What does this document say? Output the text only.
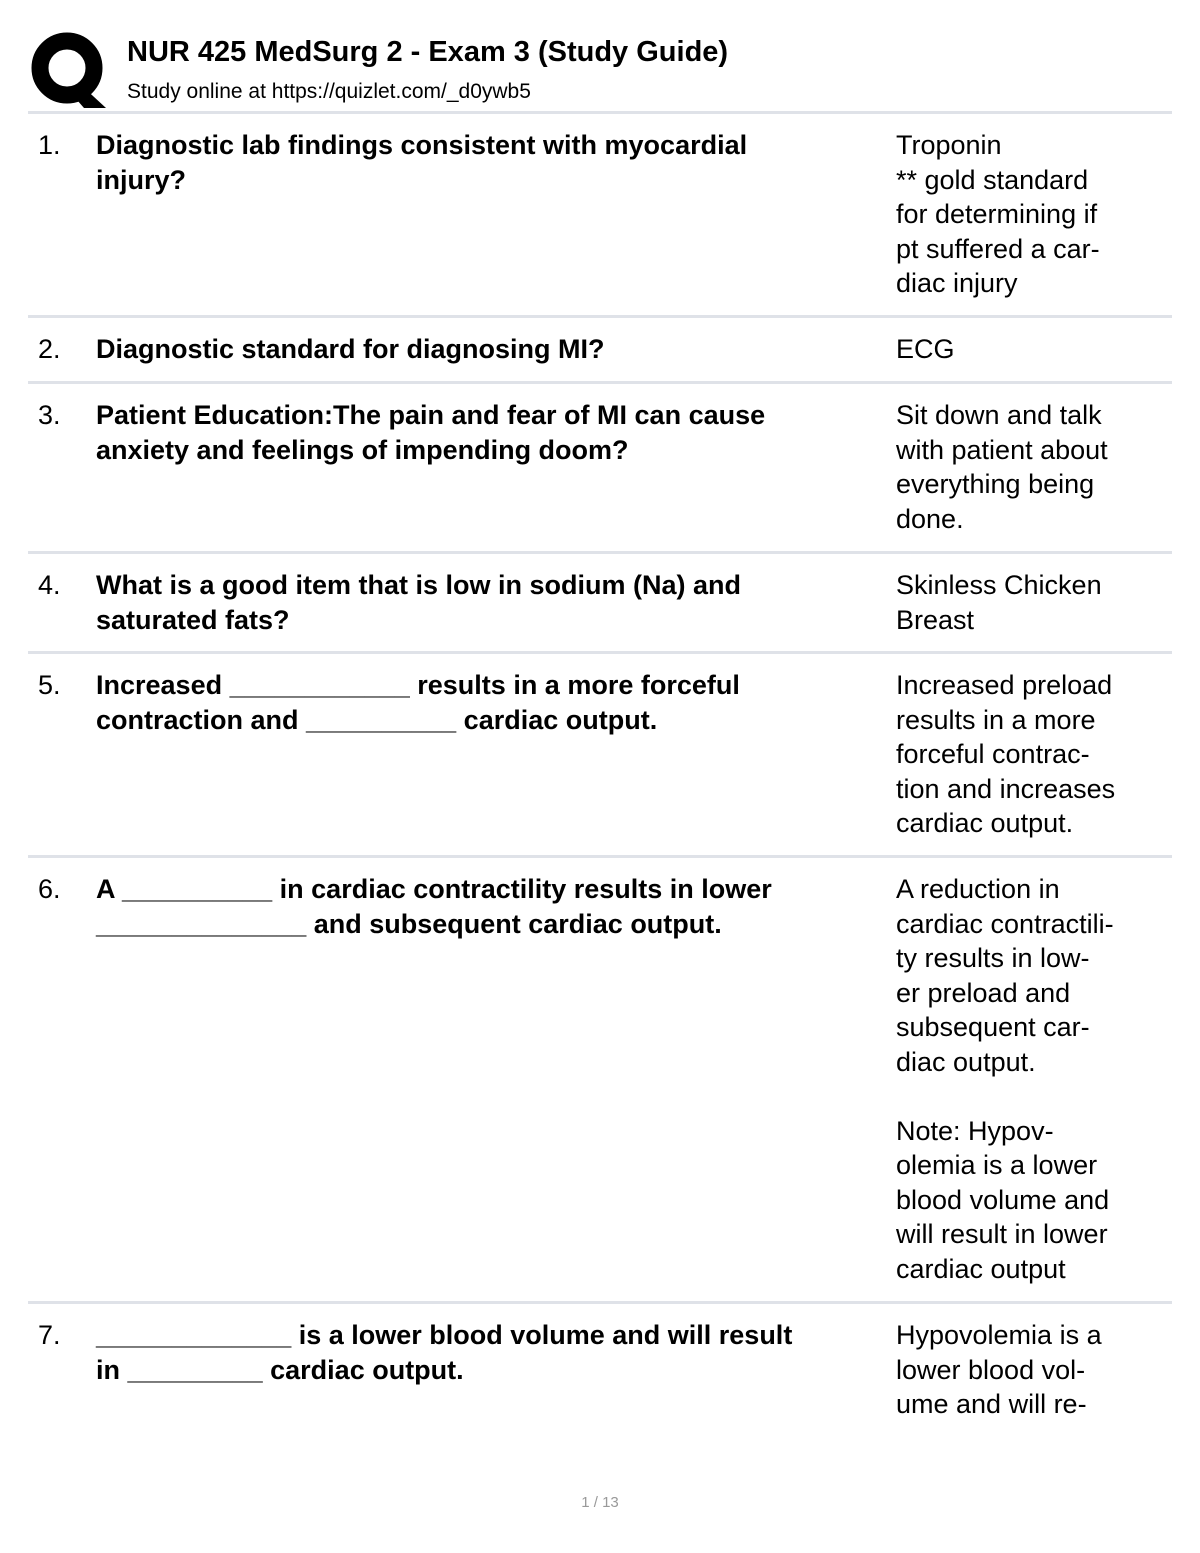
NUR 425 MedSurg 2 - Exam 3 (Study Guide)
Study online at https://quizlet.com/_d0ywb5
1. Diagnostic lab findings consistent with myocardial
injury?
Troponin
** gold standard
for determining if
pt suffered a car-
diac injury
2. Diagnostic standard for diagnosing MI?	ECG
3. Patient Education:The pain and fear of MI can cause
anxiety and feelings of impending doom?
Sit down and talk
with patient about
everything being
done.
4. What is a good item that is low in sodium (Na) and
saturated fats?
Skinless Chicken
Breast
5. Increased ____________ results in a more forceful
contraction and __________ cardiac output.
Increased preload
results in a more
forceful contrac-
tion and increases
cardiac output.
6. A __________ in cardiac contractility results in lower
______________ and subsequent cardiac output.
A reduction in
cardiac contractili-
ty results in low-
er preload and
subsequent car-
diac output.

Note: Hypov-
olemia is a lower
blood volume and
will result in lower
cardiac output
7. _____________ is a lower blood volume and will result
in _________ cardiac output.
Hypovolemia is a
lower blood vol-
ume and will re-
1 / 13
